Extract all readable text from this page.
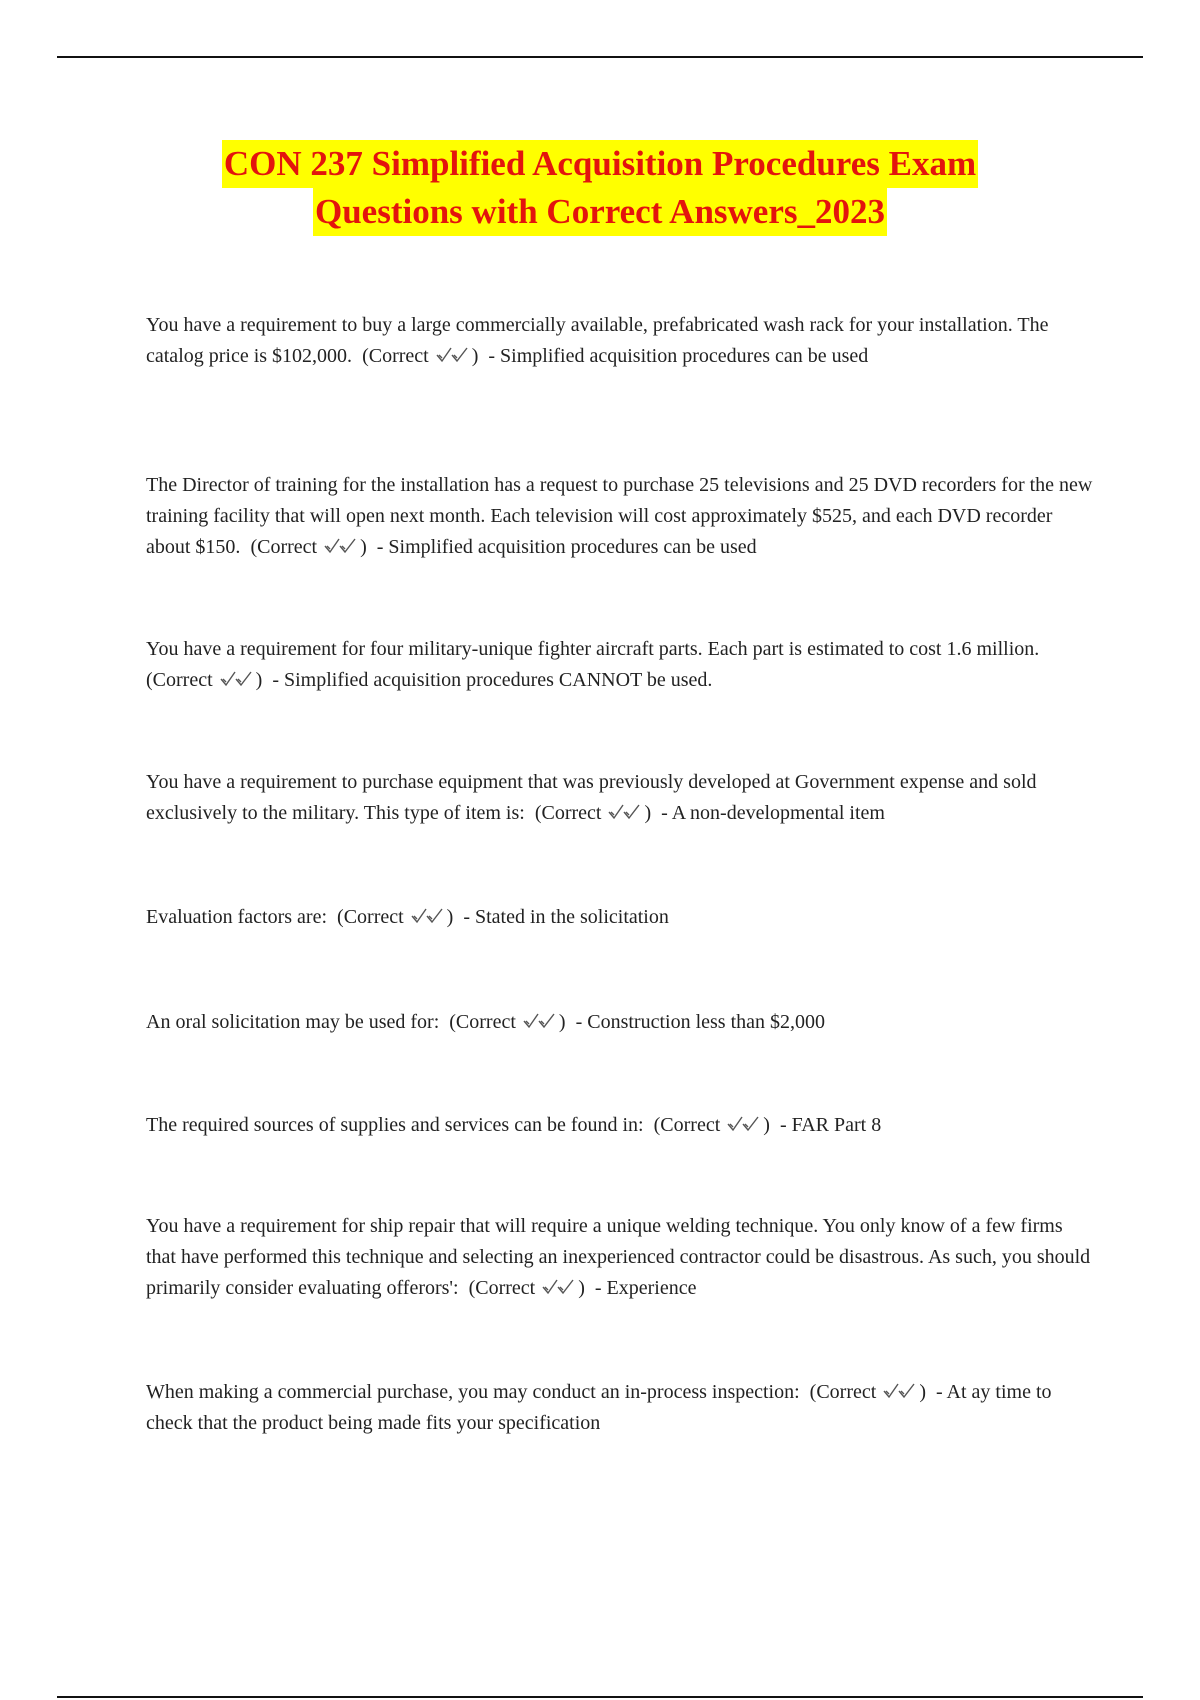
CON 237 Simplified Acquisition Procedures Exam
Questions with Correct Answers_2023

You have a requirement to buy a large commercially available, prefabricated wash rack for your installation. The catalog price is $102,000. (Correct ) - Simplified acquisition procedures can be used

The Director of training for the installation has a request to purchase 25 televisions and 25 DVD recorders for the new training facility that will open next month. Each television will cost approximately $525, and each DVD recorder about $150. (Correct ) - Simplified acquisition procedures can be used

You have a requirement for four military-unique fighter aircraft parts. Each part is estimated to cost 1.6 million.  (Correct ) - Simplified acquisition procedures CANNOT be used.

You have a requirement to purchase equipment that was previously developed at Government expense and sold exclusively to the military. This type of item is: (Correct ) - A non-developmental item

Evaluation factors are: (Correct ) - Stated in the solicitation

An oral solicitation may be used for: (Correct ) - Construction less than $2,000

The required sources of supplies and services can be found in: (Correct ) - FAR Part 8

You have a requirement for ship repair that will require a unique welding technique. You only know of a few firms that have performed this technique and selecting an inexperienced contractor could be disastrous. As such, you should primarily consider evaluating offerors': (Correct ) - Experience

When making a commercial purchase, you may conduct an in-process inspection: (Correct ) - At ay time to check that the product being made fits your specification
